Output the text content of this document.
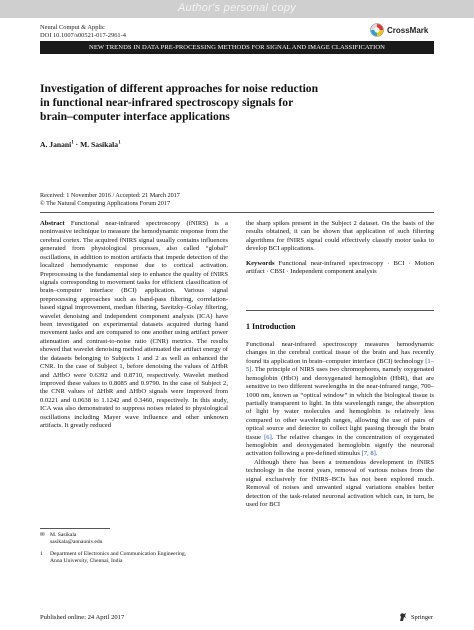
Author's personal copy
Neural Comput & Applic
DOI 10.1007/s00521-017-2961-4
CrossMark
NEW TRENDS IN DATA PRE-PROCESSING METHODS FOR SIGNAL AND IMAGE CLASSIFICATION
Investigation of different approaches for noise reduction
in functional near-infrared spectroscopy signals for
brain–computer interface applications
A. Janani$^1$ · M. Sasikala$^1$
Received: 1 November 2016 / Accepted: 21 March 2017
© The Natural Computing Applications Forum 2017

Abstract Functional near-infrared spectroscopy (fNIRS) is a noninvasive technique to measure the hemodynamic response from the cerebral cortex. The acquired fNIRS signal usually contains influences generated from physiological processes, also called “global” oscillations, in addition to motion artifacts that impede detection of the localized hemodynamic response due to cortical activation. Preprocessing is the fundamental step to enhance the quality of fNIRS signals corresponding to movement tasks for efficient classification of brain–computer interface (BCI) application. Various signal preprocessing approaches such as band-pass filtering, correlation-based signal improvement, median filtering, Savitzky–Golay filtering, wavelet denoising and independent component analysis (ICA) have been investigated on experimental datasets acquired during hand movement tasks and are compared to one another using artifact power attenuation and contrast-to-noise ratio (CNR) metrics. The results showed that wavelet denoising method attenuated the artifact energy of the datasets belonging to Subjects 1 and 2 as well as enhanced the CNR. In the case of Subject 1, before denoising the values of ΔHbR and ΔHbO were 0.6392 and 0.8710, respectively. Wavelet method improved these values to 0.8085 and 0.9790. In the case of Subject 2, the CNR values of ΔHbR and ΔHbO signals were improved from 0.0221 and 0.0638 to 1.1242 and 0.3460, respectively. In this study, ICA was also demonstrated to suppress noises related to physiological oscillations including Mayer wave influence and other unknown artifacts. It greatly reduced

the sharp spikes present in the Subject 2 dataset. On the basis of the results obtained, it can be shown that application of such filtering algorithms for fNIRS signal could effectively classify motor tasks to develop BCI applications.

Keywords Functional near-infrared spectroscopy · BCI · Motion artifact · CBSI · Independent component analysis

1 Introduction

Functional near-infrared spectroscopy measures hemodynamic changes in the cerebral cortical tissue of the brain and has recently found its application in brain–computer interface (BCI) technology [1–5]. The principle of NIRS uses two chromophores, namely oxygenated hemoglobin (HbO) and deoxygenated hemoglobin (HbR), that are sensitive to two different wavelengths in the near-infrared range, 700–1000 nm, known as “optical window” in which the biological tissue is partially transparent to light. In this wavelength range, the absorption of light by water molecules and hemoglobin is relatively less compared to other wavelength ranges, allowing the use of pairs of optical source and detector to collect light passing through the brain tissue [6]. The relative changes in the concentration of oxygenated hemoglobin and deoxygenated hemoglobin signify the neuronal activation following a pre-defined stimulus [7, 8].

Although there has been a tremendous development in fNIRS technology in the recent years, removal of various noises from the signal exclusively for fNIRS–BCIs has not been explored much. Removal of noises and unwanted signal variations enables better detection of the task-related neuronal activation which can, in turn, be used for BCI

✉ M. Sasikala
sasikala@annauniv.edu
1	Department of Electronics and Communication Engineering,
Anna University, Chennai, India
Published online: 24 April 2017	Springer
